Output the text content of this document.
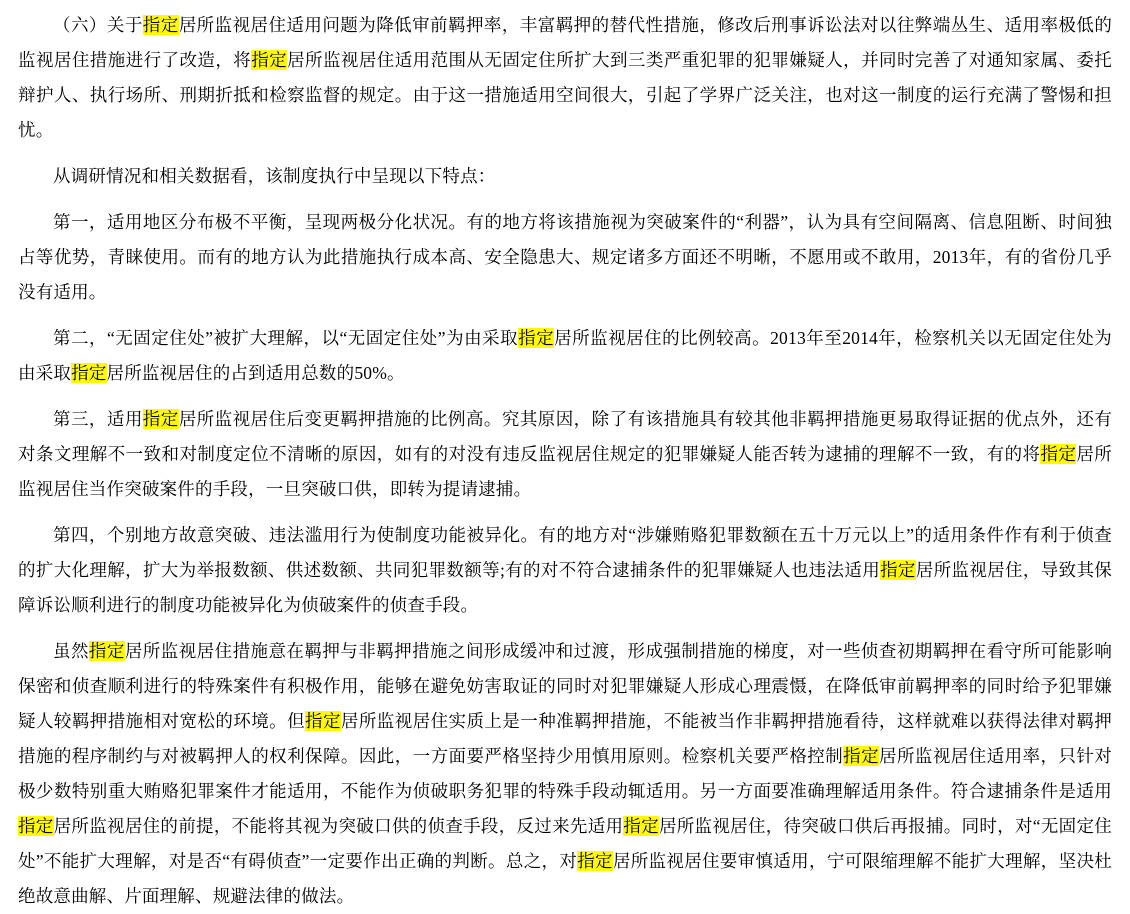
（六）关于指定居所监视居住适用问题为降低审前羁押率，丰富羁押的替代性措施，修改后刑事诉讼法对以往弊端丛生、适用率极低的监视居住措施进行了改造，将指定居所监视居住适用范围从无固定住所扩大到三类严重犯罪的犯罪嫌疑人，并同时完善了对通知家属、委托辩护人、执行场所、刑期折抵和检察监督的规定。由于这一措施适用空间很大，引起了学界广泛关注，也对这一制度的运行充满了警惕和担忧。

从调研情况和相关数据看，该制度执行中呈现以下特点：

第一，适用地区分布极不平衡，呈现两极分化状况。有的地方将该措施视为突破案件的“利器”，认为具有空间隔离、信息阻断、时间独占等优势，青睐使用。而有的地方认为此措施执行成本高、安全隐患大、规定诸多方面还不明晰，不愿用或不敢用，2013年，有的省份几乎没有适用。

第二，“无固定住处”被扩大理解，以“无固定住处”为由采取指定居所监视居住的比例较高。2013年至2014年，检察机关以无固定住处为由采取指定居所监视居住的占到适用总数的50%。

第三，适用指定居所监视居住后变更羁押措施的比例高。究其原因，除了有该措施具有较其他非羁押措施更易取得证据的优点外，还有对条文理解不一致和对制度定位不清晰的原因，如有的对没有违反监视居住规定的犯罪嫌疑人能否转为逮捕的理解不一致，有的将指定居所监视居住当作突破案件的手段，一旦突破口供，即转为提请逮捕。

第四，个别地方故意突破、违法滥用行为使制度功能被异化。有的地方对“涉嫌贿赂犯罪数额在五十万元以上”的适用条件作有利于侦查的扩大化理解，扩大为举报数额、供述数额、共同犯罪数额等;有的对不符合逮捕条件的犯罪嫌疑人也违法适用指定居所监视居住，导致其保障诉讼顺利进行的制度功能被异化为侦破案件的侦查手段。

虽然指定居所监视居住措施意在羁押与非羁押措施之间形成缓冲和过渡，形成强制措施的梯度，对一些侦查初期羁押在看守所可能影响保密和侦查顺利进行的特殊案件有积极作用，能够在避免妨害取证的同时对犯罪嫌疑人形成心理震慑，在降低审前羁押率的同时给予犯罪嫌疑人较羁押措施相对宽松的环境。但指定居所监视居住实质上是一种准羁押措施，不能被当作非羁押措施看待，这样就难以获得法律对羁押措施的程序制约与对被羁押人的权利保障。因此，一方面要严格坚持少用慎用原则。检察机关要严格控制指定居所监视居住适用率，只针对极少数特别重大贿赂犯罪案件才能适用，不能作为侦破职务犯罪的特殊手段动辄适用。另一方面要准确理解适用条件。符合逮捕条件是适用指定居所监视居住的前提，不能将其视为突破口供的侦查手段，反过来先适用指定居所监视居住，待突破口供后再报捕。同时，对“无固定住处”不能扩大理解，对是否“有碍侦查”一定要作出正确的判断。总之，对指定居所监视居住要审慎适用，宁可限缩理解不能扩大理解，坚决杜绝故意曲解、片面理解、规避法律的做法。
